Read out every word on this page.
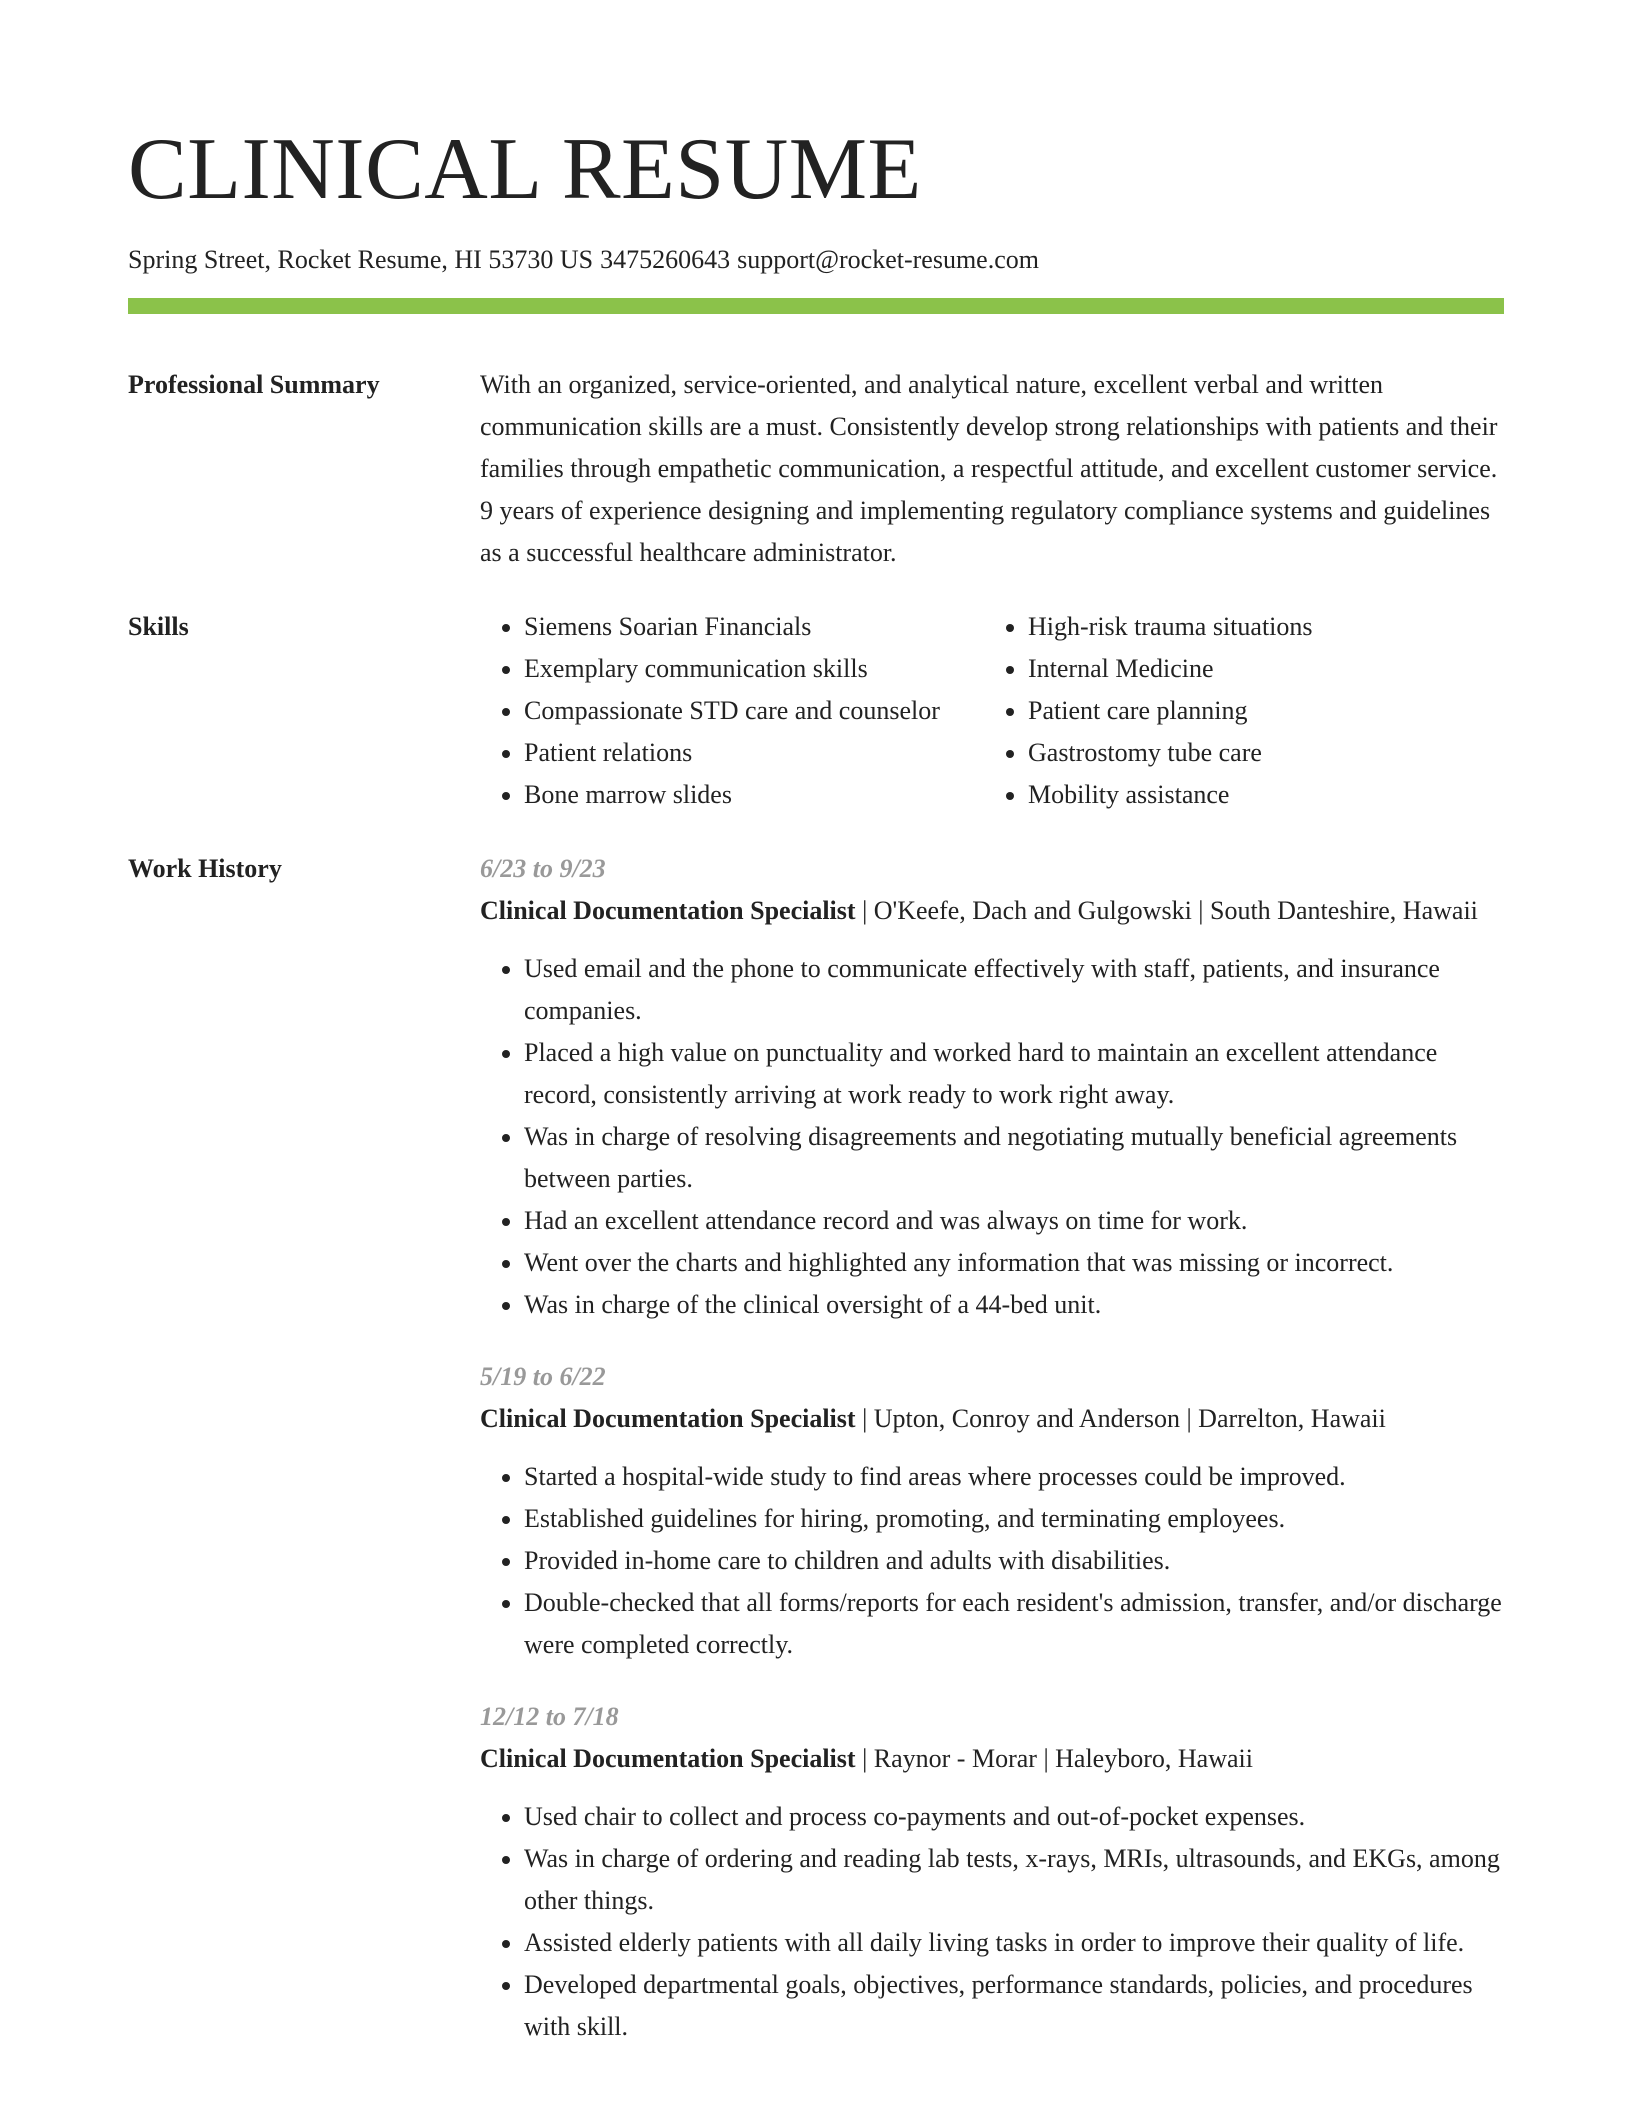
CLINICAL RESUME
Spring Street, Rocket Resume, HI 53730 US 3475260643 support@rocket-resume.com
Professional Summary	With an organized, service-oriented, and analytical nature, excellent verbal and written communication skills are a must. Consistently develop strong relationships with patients and their families through empathetic communication, a respectful attitude, and excellent customer service. 9 years of experience designing and implementing regulatory compliance systems and guidelines as a successful healthcare administrator.
Skills
•	Siemens Soarian Financials
• Exemplary communication skills
• Compassionate STD care and counselor
• Patient relations
• Bone marrow slides
• High-risk trauma situations
• Internal Medicine
• Patient care planning
• Gastrostomy tube care
• Mobility assistance
Work History	6/23 to 9/23
Clinical Documentation Specialist | O'Keefe, Dach and Gulgowski | South Danteshire, Hawaii
• Used email and the phone to communicate effectively with staff, patients, and insurance companies.
• Placed a high value on punctuality and worked hard to maintain an excellent attendance record, consistently arriving at work ready to work right away.
• Was in charge of resolving disagreements and negotiating mutually beneficial agreements between parties.
• Had an excellent attendance record and was always on time for work.
• Went over the charts and highlighted any information that was missing or incorrect.
• Was in charge of the clinical oversight of a 44-bed unit.
5/19 to 6/22
Clinical Documentation Specialist | Upton, Conroy and Anderson | Darrelton, Hawaii
• Started a hospital-wide study to find areas where processes could be improved.
• Established guidelines for hiring, promoting, and terminating employees.
• Provided in-home care to children and adults with disabilities.
• Double-checked that all forms/reports for each resident's admission, transfer, and/or discharge were completed correctly.
12/12 to 7/18
Clinical Documentation Specialist | Raynor - Morar | Haleyboro, Hawaii
• Used chair to collect and process co-payments and out-of-pocket expenses.
• Was in charge of ordering and reading lab tests, x-rays, MRIs, ultrasounds, and EKGs, among other things.
• Assisted elderly patients with all daily living tasks in order to improve their quality of life.
• Developed departmental goals, objectives, performance standards, policies, and procedures with skill.
